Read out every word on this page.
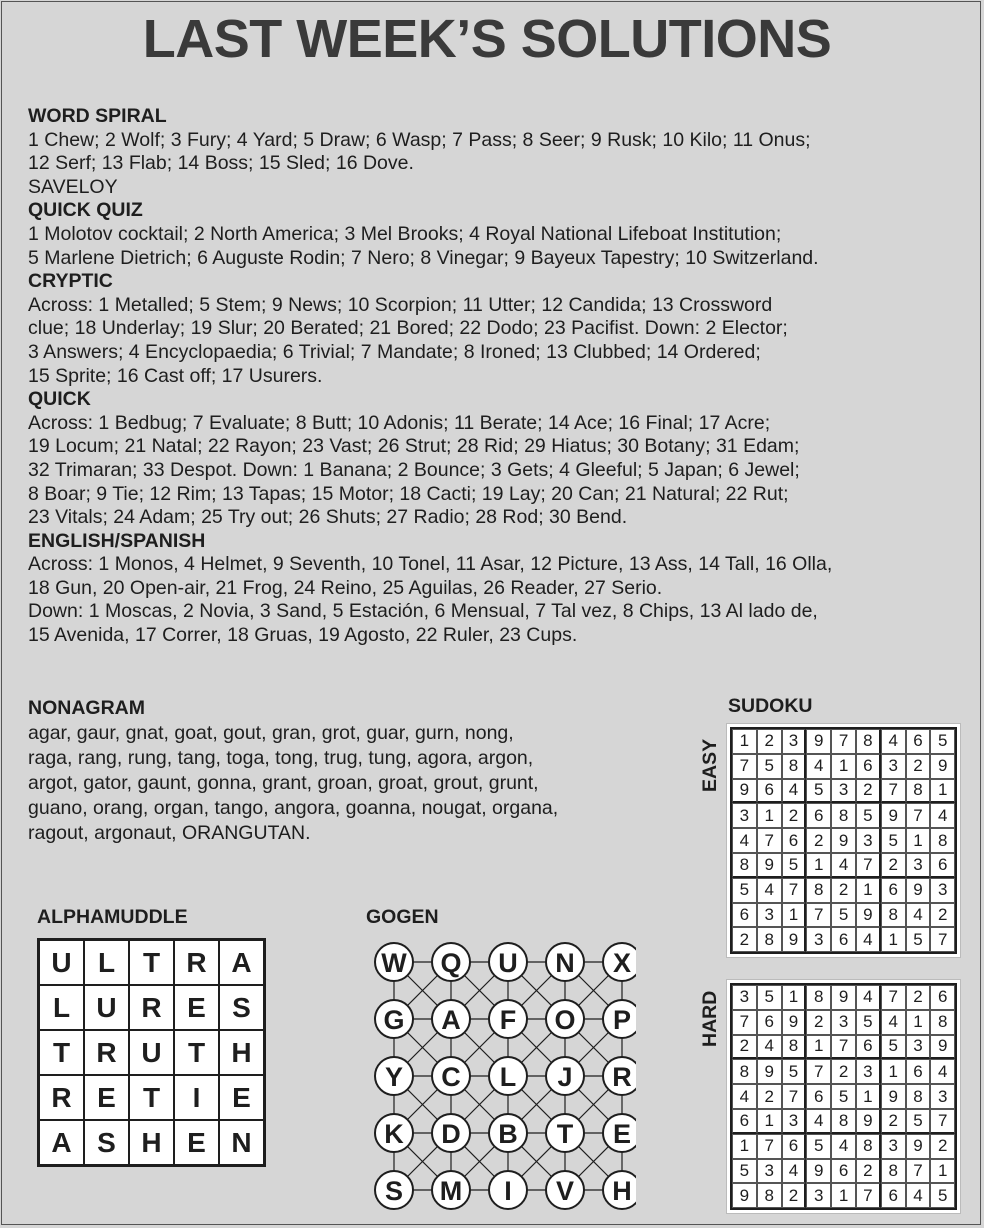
LAST WEEK’S SOLUTIONS
WORD SPIRAL
1 Chew; 2 Wolf; 3 Fury; 4 Yard; 5 Draw; 6 Wasp; 7 Pass; 8 Seer; 9 Rusk; 10 Kilo; 11 Onus;
12 Serf; 13 Flab; 14 Boss; 15 Sled; 16 Dove.
SAVELOY
QUICK QUIZ
1 Molotov cocktail; 2 North America; 3 Mel Brooks; 4 Royal National Lifeboat Institution;
5 Marlene Dietrich; 6 Auguste Rodin; 7 Nero; 8 Vinegar; 9 Bayeux Tapestry; 10 Switzerland.
CRYPTIC
Across: 1 Metalled; 5 Stem; 9 News; 10 Scorpion; 11 Utter; 12 Candida; 13 Crossword
clue; 18 Underlay; 19 Slur; 20 Berated; 21 Bored; 22 Dodo; 23 Pacifist. Down: 2 Elector;
3 Answers; 4 Encyclopaedia; 6 Trivial; 7 Mandate; 8 Ironed; 13 Clubbed; 14 Ordered;
15 Sprite; 16 Cast off; 17 Usurers.
QUICK
Across: 1 Bedbug; 7 Evaluate; 8 Butt; 10 Adonis; 11 Berate; 14 Ace; 16 Final; 17 Acre;
19 Locum; 21 Natal; 22 Rayon; 23 Vast; 26 Strut; 28 Rid; 29 Hiatus; 30 Botany; 31 Edam;
32 Trimaran; 33 Despot. Down: 1 Banana; 2 Bounce; 3 Gets; 4 Gleeful; 5 Japan; 6 Jewel;
8 Boar; 9 Tie; 12 Rim; 13 Tapas; 15 Motor; 18 Cacti; 19 Lay; 20 Can; 21 Natural; 22 Rut;
23 Vitals; 24 Adam; 25 Try out; 26 Shuts; 27 Radio; 28 Rod; 30 Bend.
ENGLISH/SPANISH
Across: 1 Monos, 4 Helmet, 9 Seventh, 10 Tonel, 11 Asar, 12 Picture, 13 Ass, 14 Tall, 16 Olla,
18 Gun, 20 Open-air, 21 Frog, 24 Reino, 25 Aguilas, 26 Reader, 27 Serio.
Down: 1 Moscas, 2 Novia, 3 Sand, 5 Estación, 6 Mensual, 7 Tal vez, 8 Chips, 13 Al lado de,
15 Avenida, 17 Correr, 18 Gruas, 19 Agosto, 22 Ruler, 23 Cups.
NONAGRAM
agar, gaur, gnat, goat, gout, gran, grot, guar, gurn, nong,
raga, rang, rung, tang, toga, tong, trug, tung, agora, argon,
argot, gator, gaunt, gonna, grant, groan, groat, grout, grunt,
guano, orang, organ, tango, angora, goanna, nougat, organa,
ragout, argonaut, ORANGUTAN.
ALPHAMUDDLE
U L T R A
L U R E S
T R U T H
R E T	I	E
A S H E N
GOGEN
W Q U N X
G A F O P
Y C L J R
K D B T E
S M I V H
SUDOKU
EASY	1 2 3 9 7 8 4 6 5
7 5 8 4 1 6 3 2 9
9 6 4 5 3 2 7 8 1
3 1 2 6 8 5 9 7 4
4 7 6 2 9 3 5 1 8
8 9 5 1 4 7 2 3 6
5 4 7 8 2 1 6 9 3
6 3 1 7 5 9 8 4 2
2 8 9 3 6 4 1 5 7
HARD	3 5 1 8 9 4 7 2 6
7 6 9 2 3 5 4 1 8
2 4 8 1 7 6 5 3 9
8 9 5 7 2 3 1 6 4
4 2 7 6 5 1 9 8 3
6 1 3 4 8 9 2 5 7
1 7 6 5 4 8 3 9 2
5 3 4 9 6 2 8 7 1
9 8 2 3 1 7 6 4 5
